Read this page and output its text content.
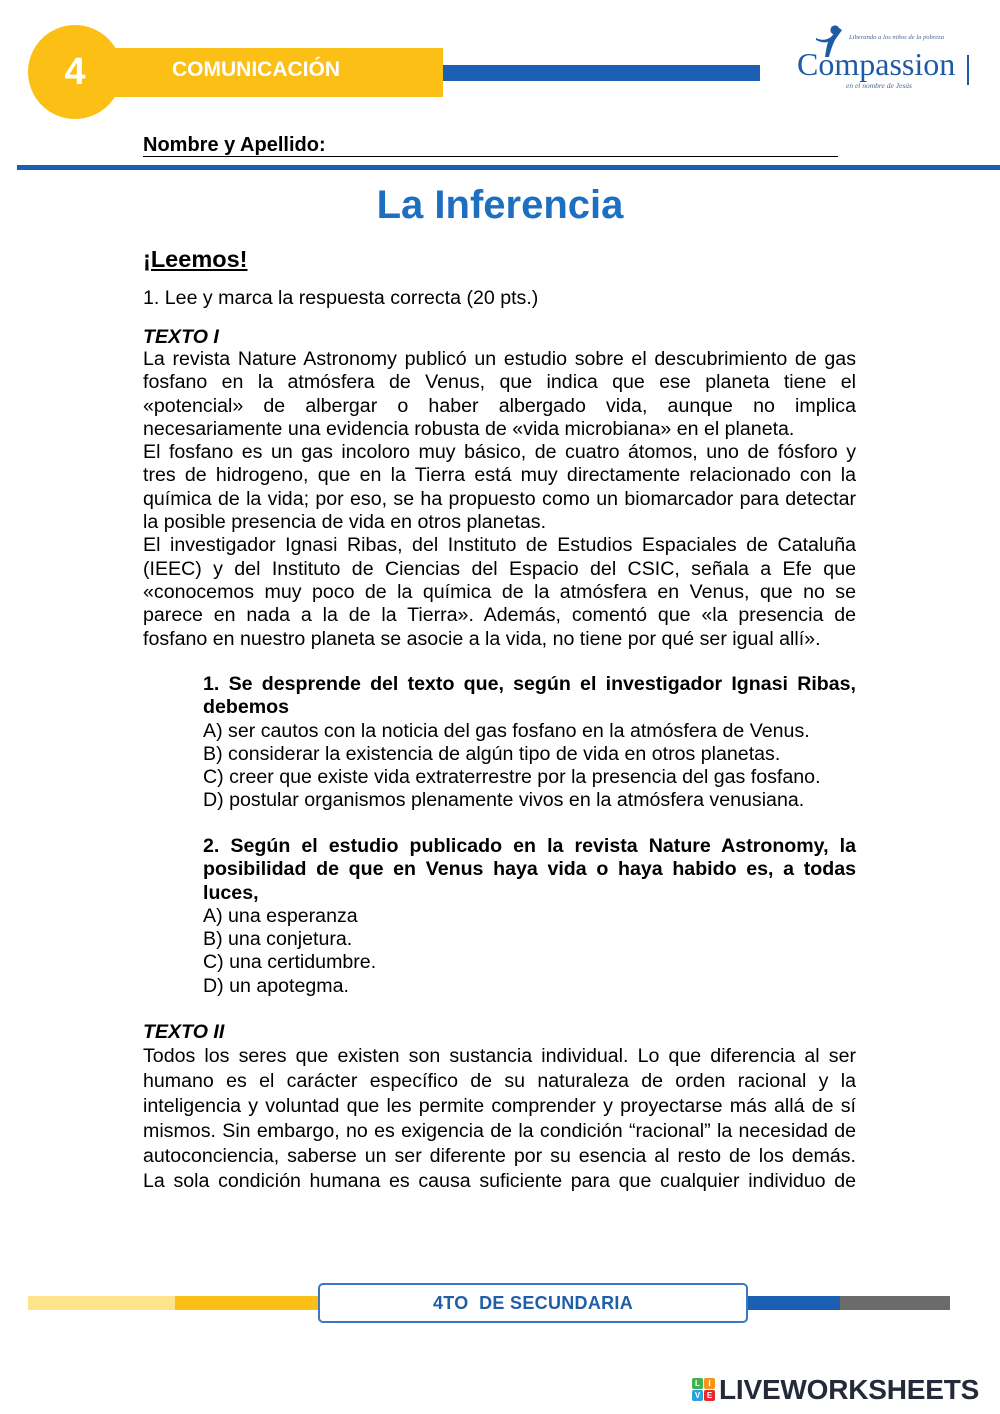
4	COMUNICACIÓN
Liberando a los niños de la pobreza
Compassion
en el nombre de Jesús
Nombre y Apellido:
La Inferencia
¡Leemos!
1. Lee y marca la respuesta correcta (20 pts.)
TEXTO I
La revista Nature Astronomy publicó un estudio sobre el descubrimiento de gas
fosfano en la atmósfera de Venus, que indica que ese planeta tiene el
«potencial» de albergar o haber albergado vida, aunque no implica
necesariamente una evidencia robusta de «vida microbiana» en el planeta.
El fosfano es un gas incoloro muy básico, de cuatro átomos, uno de fósforo y
tres de hidrogeno, que en la Tierra está muy directamente relacionado con la
química de la vida; por eso, se ha propuesto como un biomarcador para detectar
la posible presencia de vida en otros planetas.
El investigador Ignasi Ribas, del Instituto de Estudios Espaciales de Cataluña
(IEEC) y del Instituto de Ciencias del Espacio del CSIC, señala a Efe que
«conocemos muy poco de la química de la atmósfera en Venus, que no se
parece en nada a la de la Tierra». Además, comentó que «la presencia de
fosfano en nuestro planeta se asocie a la vida, no tiene por qué ser igual allí».
1. Se desprende del texto que, según el investigador Ignasi Ribas,
debemos
A) ser cautos con la noticia del gas fosfano en la atmósfera de Venus.
B) considerar la existencia de algún tipo de vida en otros planetas.
C) creer que existe vida extraterrestre por la presencia del gas fosfano.
D) postular organismos plenamente vivos en la atmósfera venusiana.
2. Según el estudio publicado en la revista Nature Astronomy, la
posibilidad de que en Venus haya vida o haya habido es, a todas
luces,
A) una esperanza
B) una conjetura.
C) una certidumbre.
D) un apotegma.
TEXTO II
Todos los seres que existen son sustancia individual. Lo que diferencia al ser
humano es el carácter específico de su naturaleza de orden racional y la
inteligencia y voluntad que les permite comprender y proyectarse más allá de sí
mismos. Sin embargo, no es exigencia de la condición “racional” la necesidad de
autoconciencia, saberse un ser diferente por su esencia al resto de los demás.
La sola condición humana es causa suficiente para que cualquier individuo de
4TO  DE SECUNDARIA
L	I
V E LIVEWORKSHEETS
